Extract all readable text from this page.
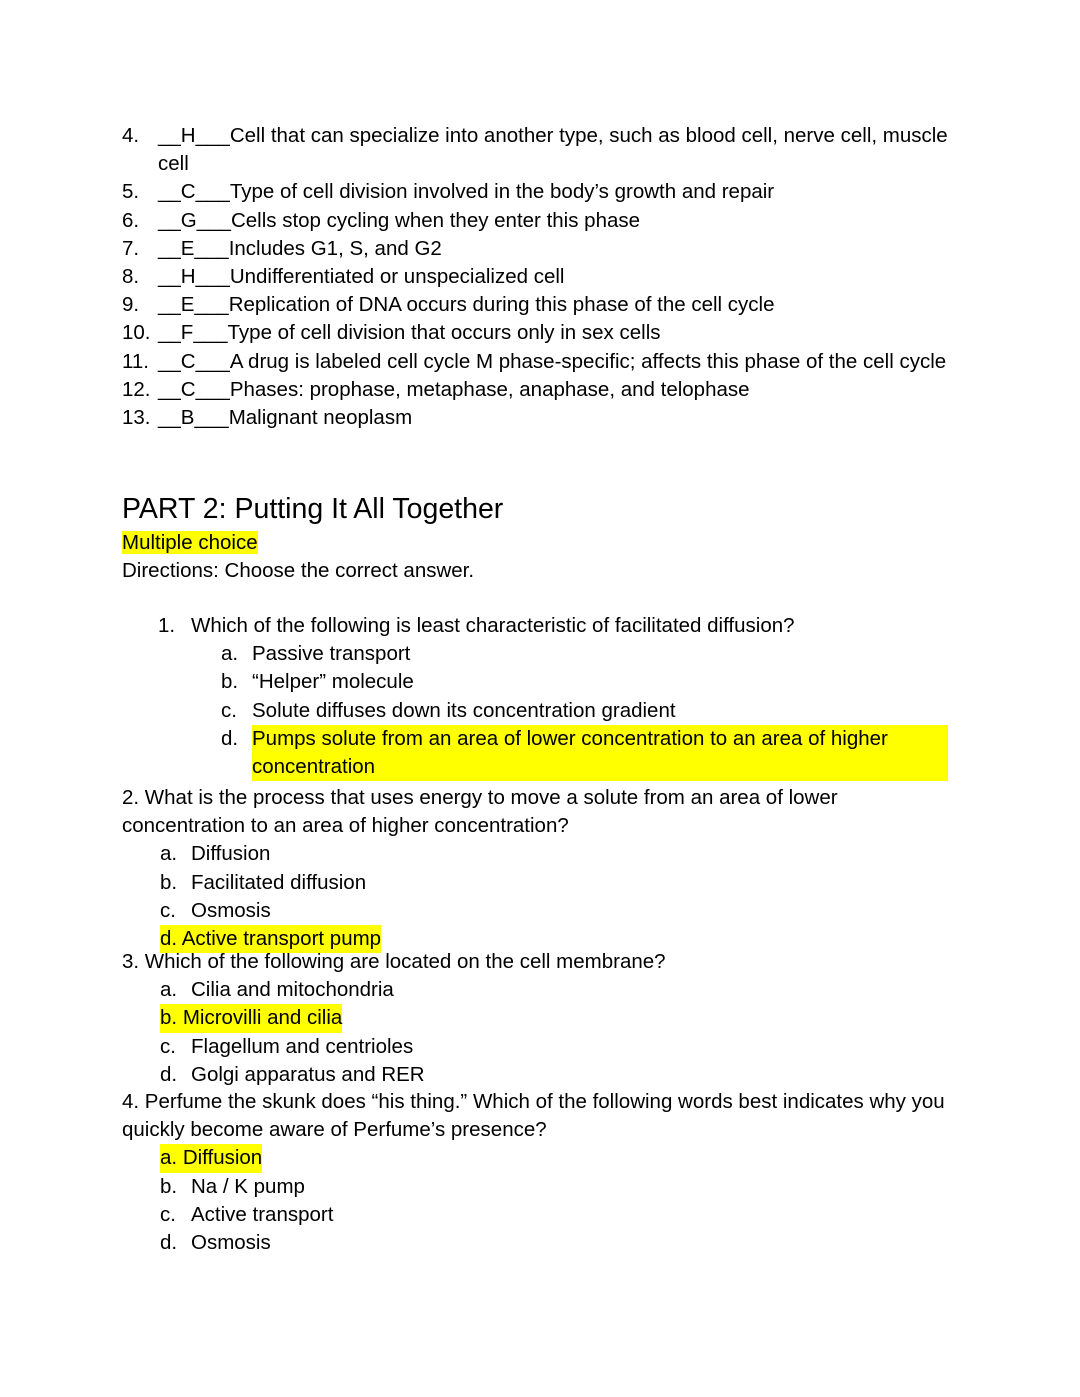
4. __H___Cell that can specialize into another type, such as blood cell, nerve cell, muscle cell
5. __C___Type of cell division involved in the body’s growth and repair
6. __G___Cells stop cycling when they enter this phase
7. __E___Includes G1, S, and G2
8. __H___Undifferentiated or unspecialized cell
9. __E___Replication of DNA occurs during this phase of the cell cycle
10. __F___Type of cell division that occurs only in sex cells
11. __C___A drug is labeled cell cycle M phase-specific; affects this phase of the cell cycle
12. __C___Phases: prophase, metaphase, anaphase, and telophase
13. __B___Malignant neoplasm
PART 2: Putting It All Together
Multiple choice
Directions: Choose the correct answer.
1. Which of the following is least characteristic of facilitated diffusion?
a. Passive transport
b. “Helper” molecule
c. Solute diffuses down its concentration gradient
d. Pumps solute from an area of lower concentration to an area of higher concentration
2. What is the process that uses energy to move a solute from an area of lower concentration to an area of higher concentration?
a. Diffusion
b. Facilitated diffusion
c. Osmosis
d. Active transport pump
3. Which of the following are located on the cell membrane?
a. Cilia and mitochondria
b. Microvilli and cilia
c. Flagellum and centrioles
d. Golgi apparatus and RER
4. Perfume the skunk does “his thing.” Which of the following words best indicates why you quickly become aware of Perfume’s presence?
a. Diffusion
b. Na / K pump
c. Active transport
d. Osmosis
